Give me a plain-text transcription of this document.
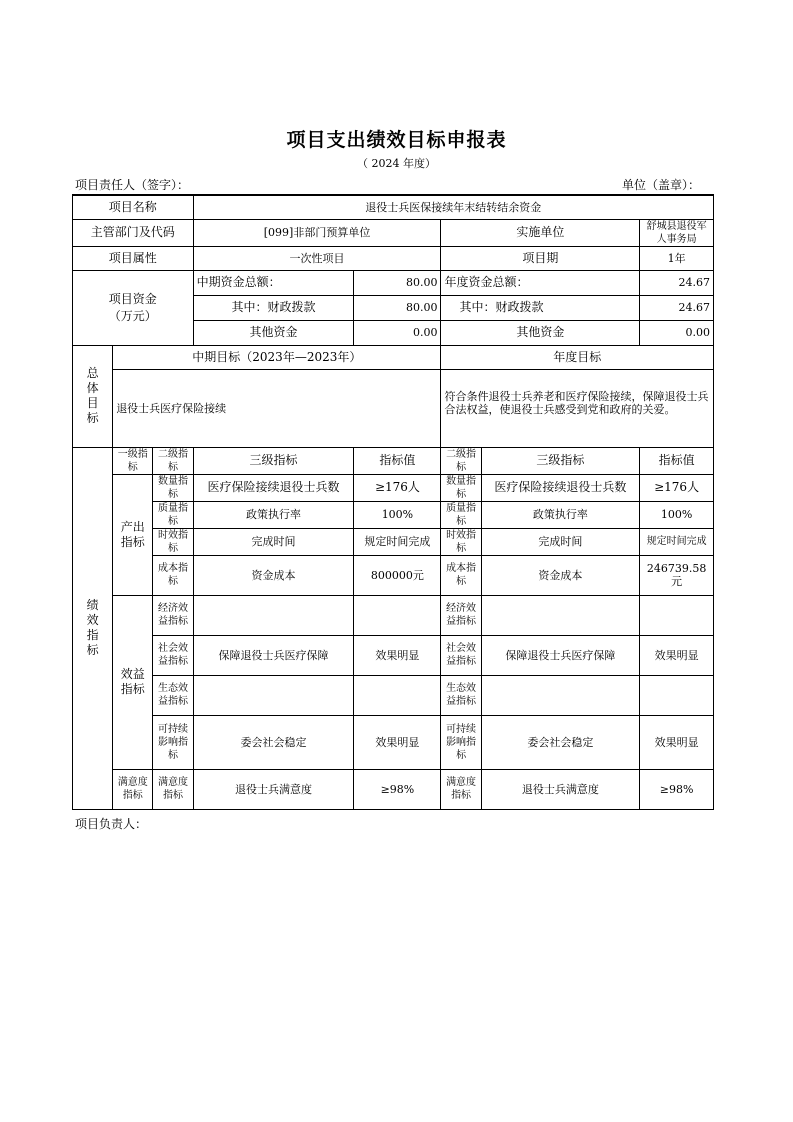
项目支出绩效目标申报表
（ 2024 年度）
项目责任人（签字）：	单位（盖章）：
项目名称			退役士兵医保接续年末结转结余资金				
主管部门及代码			[099]非部门预算单位		实施单位		舒城县退役军人事务局
项目属性			一次性项目		项目期		1年

项目资金（万元）			中期资金总额：	80.00	年度资金总额：		24.67
			其中：财政拨款	80.00	其中：财政拨款		24.67
			其他资金	0.00	其他资金		0.00

总体目标	中期目标（2023年—2023年）				年度目标		
	退役士兵医疗保险接续				符合条件退役士兵养老和医疗保险接续，保障退役士兵合法权益，使退役士兵感受到党和政府的关爱。		

绩效指标	一级指标	二级指标	三级指标	指标值	二级指标	三级指标	指标值

	产出指标	数量指标	医疗保险接续退役士兵数	≥176人	数量指标	医疗保险接续退役士兵数	≥176人
		质量指标	政策执行率	100%	质量指标	政策执行率	100%
		时效指标	完成时间	规定时间完成	时效指标	完成时间	规定时间完成
		成本指标	资金成本	800000元	成本指标	资金成本	246739.58元

	效益指标	经济效益指标			经济效益指标		
		社会效益指标	保障退役士兵医疗保障	效果明显	社会效益指标	保障退役士兵医疗保障	效果明显
		生态效益指标			生态效益指标		
		可持续影响指标	委会社会稳定	效果明显	可持续影响指标	委会社会稳定	效果明显
	满意度指标	满意度指标	退役士兵满意度	≥98%	满意度指标	退役士兵满意度	≥98%
项目负责人：
